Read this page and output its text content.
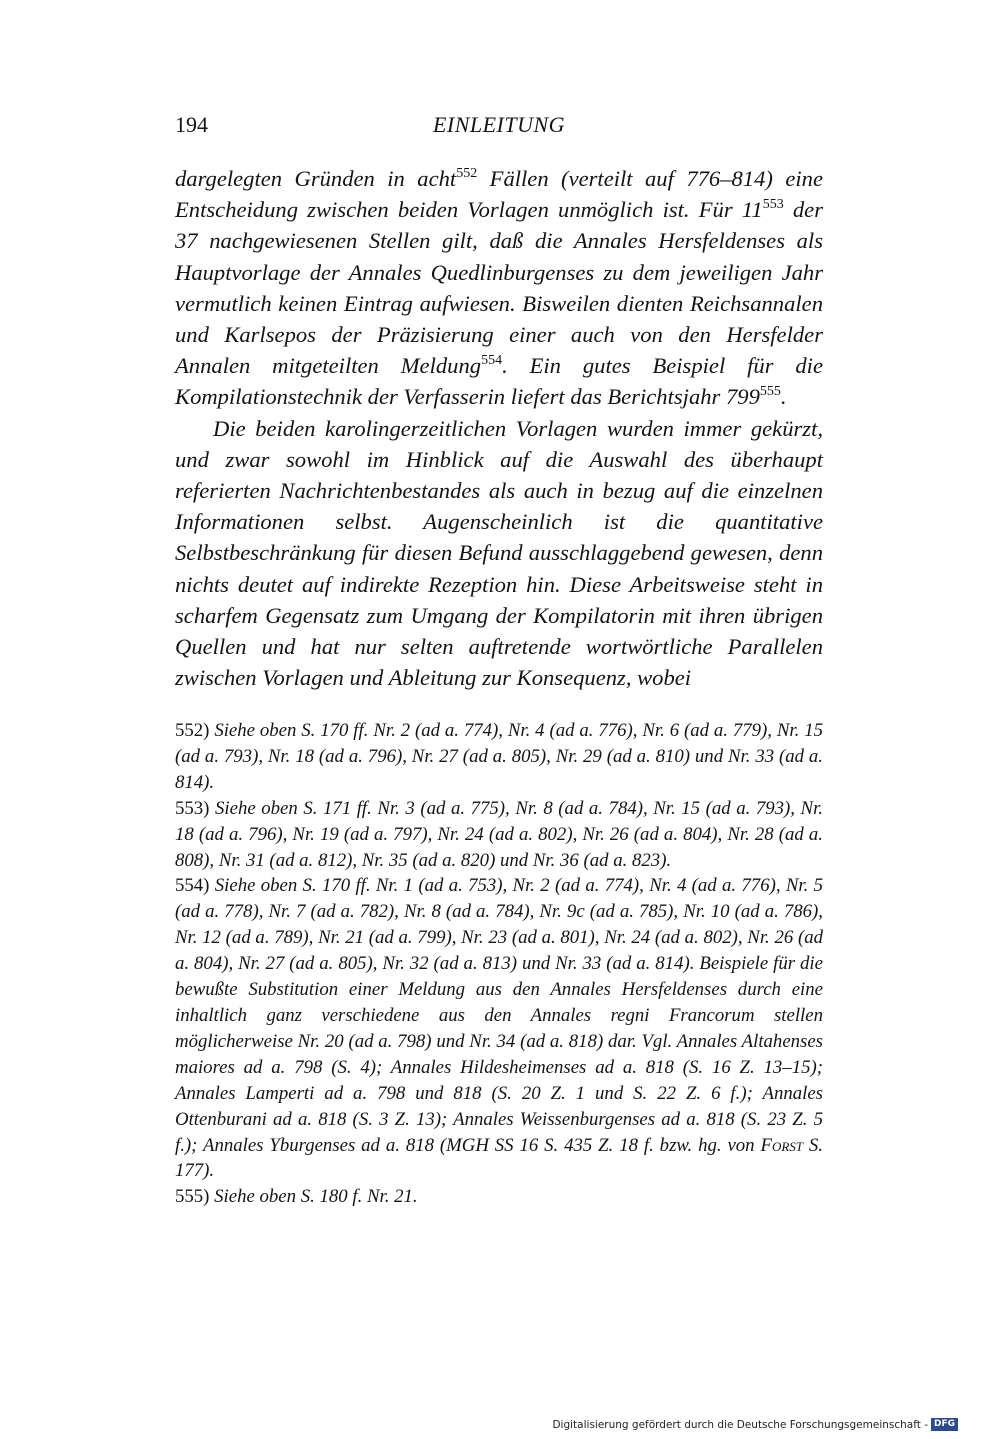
194	EINLEITUNG

dargelegten Gründen in acht$^{552}$ Fällen (verteilt auf 776–814) eine Entscheidung zwischen beiden Vorlagen unmöglich ist. Für $11^{553}$ der 37 nachgewiesenen Stellen gilt, daß die Annales Hersfeldenses als Hauptvorlage der Annales Quedlinburgenses zu dem jeweiligen Jahr vermutlich keinen Eintrag aufwiesen. Bisweilen dienten Reichsannalen und Karlsepos der Präzisierung einer auch von den Hersfelder Annalen mitgeteilten Meldung$^{554}$. Ein gutes Beispiel für die Kompilationstechnik der Verfasserin liefert das Berichtsjahr $799^{555}$.

Die beiden karolingerzeitlichen Vorlagen wurden immer gekürzt, und zwar sowohl im Hinblick auf die Auswahl des überhaupt referierten Nachrichtenbestandes als auch in bezug auf die einzelnen Informationen selbst. Augenscheinlich ist die quantitative Selbstbeschränkung für diesen Befund ausschlaggebend gewesen, denn nichts deutet auf indirekte Rezeption hin. Diese Arbeitsweise steht in scharfem Gegensatz zum Umgang der Kompilatorin mit ihren übrigen Quellen und hat nur selten auftretende wortwörtliche Parallelen zwischen Vorlagen und Ableitung zur Konsequenz, wobei

552) Siehe oben S. 170 ff. Nr. 2 (ad a. 774), Nr. 4 (ad a. 776), Nr. 6 (ad a. 779), Nr. 15 (ad a. 793), Nr. 18 (ad a. 796), Nr. 27 (ad a. 805), Nr. 29 (ad a. 810) und Nr. 33 (ad a. 814).

553) Siehe oben S. 171 ff. Nr. 3 (ad a. 775), Nr. 8 (ad a. 784), Nr. 15 (ad a. 793), Nr. 18 (ad a. 796), Nr. 19 (ad a. 797), Nr. 24 (ad a. 802), Nr. 26 (ad a. 804), Nr. 28 (ad a. 808), Nr. 31 (ad a. 812), Nr. 35 (ad a. 820) und Nr. 36 (ad a. 823).

554) Siehe oben S. 170 ff. Nr. 1 (ad a. 753), Nr. 2 (ad a. 774), Nr. 4 (ad a. 776), Nr. 5 (ad a. 778), Nr. 7 (ad a. 782), Nr. 8 (ad a. 784), Nr. 9c (ad a. 785), Nr. 10 (ad a. 786), Nr. 12 (ad a. 789), Nr. 21 (ad a. 799), Nr. 23 (ad a. 801), Nr. 24 (ad a. 802), Nr. 26 (ad a. 804), Nr. 27 (ad a. 805), Nr. 32 (ad a. 813) und Nr. 33 (ad a. 814). Beispiele für die bewußte Substitution einer Meldung aus den Annales Hersfeldenses durch eine inhaltlich ganz verschiedene aus den Annales regni Francorum stellen möglicherweise Nr. 20 (ad a. 798) und Nr. 34 (ad a. 818) dar. Vgl. Annales Altahenses maiores ad a. 798 (S. 4); Annales Hildesheimenses ad a. 818 (S. 16 Z. 13–15); Annales Lamperti ad a. 798 und 818 (S. 20 Z. 1 und S. 22 Z. 6 f.); Annales Ottenburani ad a. 818 (S. 3 Z. 13); Annales Weissenburgenses ad a. 818 (S. 23 Z. 5 f.); Annales Yburgenses ad a. 818 (MGH SS 16 S. 435 Z. 18 f. bzw. hg. von Forst S. 177).

555) Siehe oben S. 180 f. Nr. 21.

Digitalisierung gefördert durch die Deutsche Forschungsgemeinschaft - DFG
